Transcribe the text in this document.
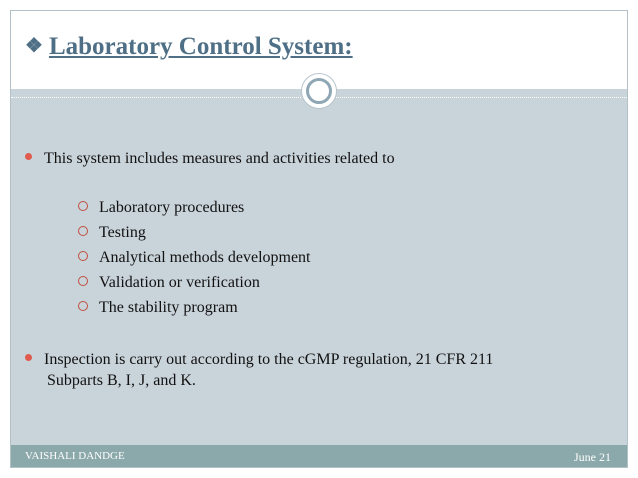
❖ Laboratory Control System:
This system includes measures and activities related to
Laboratory procedures
Testing
Analytical methods development
Validation or verification
The stability program
Inspection is carry out according to the cGMP regulation, 21 CFR 211
Subparts B, I, J, and K.
VAISHALI DANDGE	June 21
